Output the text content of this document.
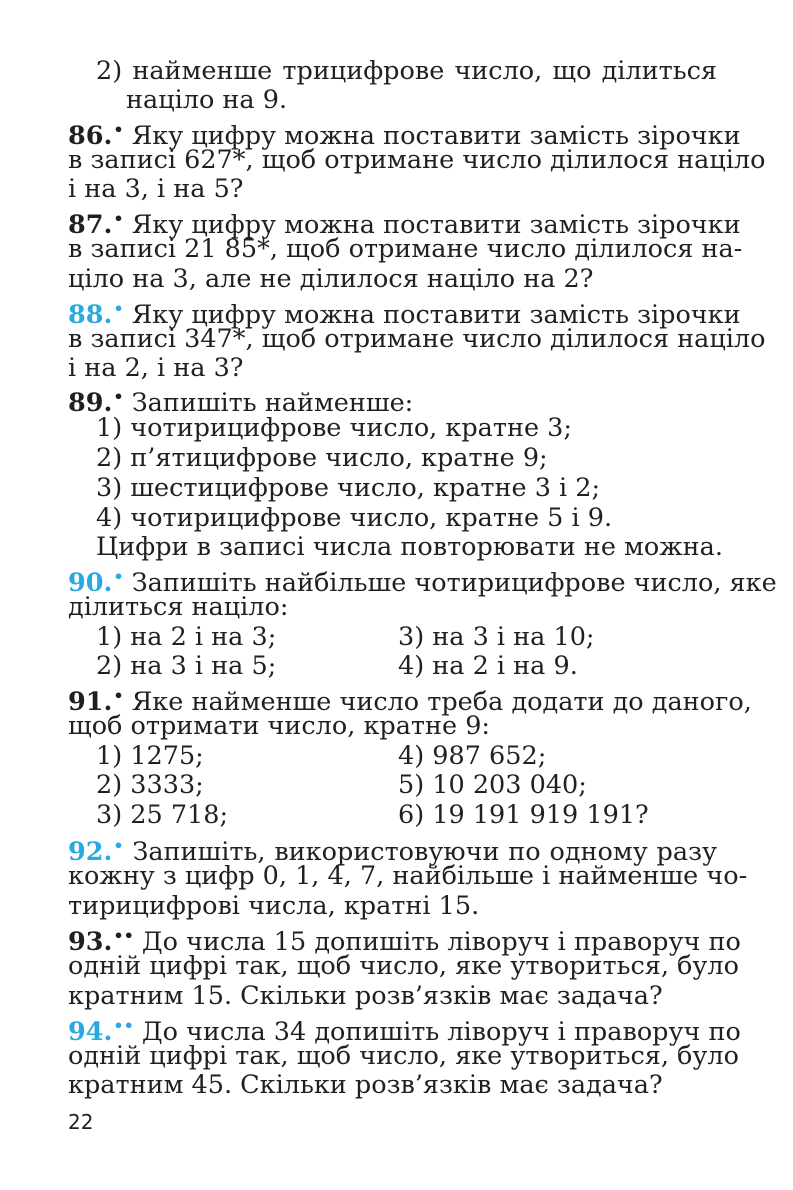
2) найменше трицифрове число, що ділиться
націло на 9.
86.• Яку цифру можна поставити замість зірочки
в записі 627*, щоб отримане число ділилося націло
і на 3, і на 5?
87.• Яку цифру можна поставити замість зірочки
в записі 21 85*, щоб отримане число ділилося на-
ціло на 3, але не ділилося націло на 2?
88.• Яку цифру можна поставити замість зірочки
в записі 347*, щоб отримане число ділилося націло
і на 2, і на 3?
89.• Запишіть найменше:
1) чотирицифрове число, кратне 3;
2) п’ятицифрове число, кратне 9;
3) шестицифрове число, кратне 3 і 2;
4) чотирицифрове число, кратне 5 і 9.
Цифри в записі числа повторювати не можна.
90.• Запишіть найбільше чотирицифрове число, яке
ділиться націло:
1) на 2 і на 3;	3) на 3 і на 10;
2) на 3 і на 5;	4) на 2 і на 9.
91.• Яке найменше число треба додати до даного,
щоб отримати число, кратне 9:
1) 1275;	4) 987 652;
2) 3333;	5) 10 203 040;
3) 25 718;	6) 19 191 919 191?
92.• Запишіть, використовуючи по одному разу
кожну з цифр 0, 1, 4, 7, найбільше і найменше чо-
тирицифрові числа, кратні 15.
93.•• До числа 15 допишіть ліворуч і праворуч по
одній цифрі так, щоб число, яке утвориться, було
кратним 15. Скільки розв’язків має задача?
94.•• До числа 34 допишіть ліворуч і праворуч по
одній цифрі так, щоб число, яке утвориться, було
кратним 45. Скільки розв’язків має задача?
22
